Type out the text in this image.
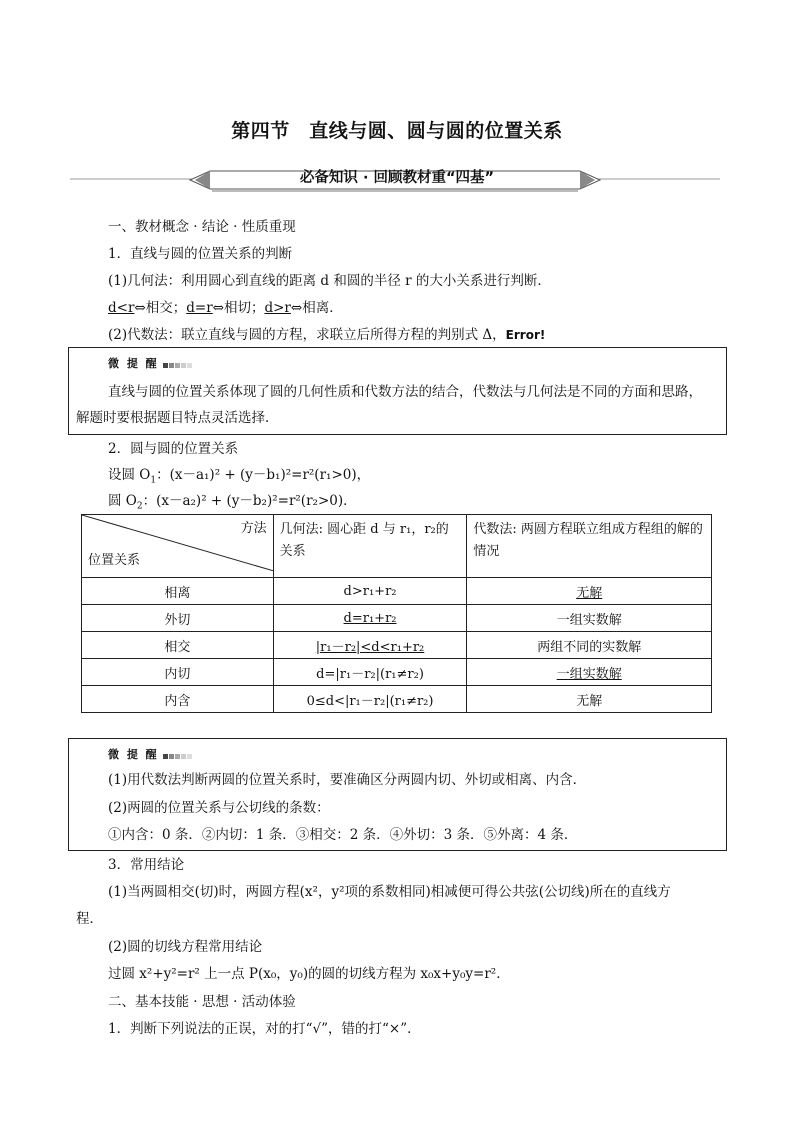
第四节　直线与圆、圆与圆的位置关系
必备知识 · 回顾教材重“四基”
一、教材概念 · 结论 · 性质重现
1．直线与圆的位置关系的判断
(1)几何法：利用圆心到直线的距离 d 和圆的半径 r 的大小关系进行判断．
d<r⇔相交；d=r⇔相切；d>r⇔相离．
(2)代数法：联立直线与圆的方程，求联立后所得方程的判别式 Δ，Error!
微 提 醒
直线与圆的位置关系体现了圆的几何性质和代数方法的结合，代数法与几何法是不同的方面和思路，
解题时要根据题目特点灵活选择．
2．圆与圆的位置关系
设圆 $O_1$：(x－a₁)² + (y－b₁)²=r²(r₁>0)，
圆 $O_2$：(x－a₂)² + (y－b₂)²=r²(r₂>0)．
方法
位置关系	几何法: 圆心距 d 与 r₁，r₂的关系	代数法: 两圆方程联立组成方程组的解的情况
相离	d>r₁+r₂	无解
外切	d=r₁+r₂	一组实数解
相交	|r₁－r₂|<d<r₁+r₂	两组不同的实数解
内切	d=|r₁－r₂|(r₁≠r₂)	一组实数解
内含	0≤d<|r₁－r₂|(r₁≠r₂)	无解
微 提 醒
(1)用代数法判断两圆的位置关系时，要准确区分两圆内切、外切或相离、内含．
(2)两圆的位置关系与公切线的条数：
①内含：0 条．②内切：1 条．③相交：2 条．④外切：3 条．⑤外离：4 条．
3．常用结论
(1)当两圆相交(切)时，两圆方程(x²，y²项的系数相同)相减便可得公共弦(公切线)所在的直线方
程．
(2)圆的切线方程常用结论
过圆 x²+y²=r² 上一点 P(x₀，y₀)的圆的切线方程为 x₀x+y₀y=r²．
二、基本技能 · 思想 · 活动体验
1．判断下列说法的正误，对的打“√”，错的打“×”．
